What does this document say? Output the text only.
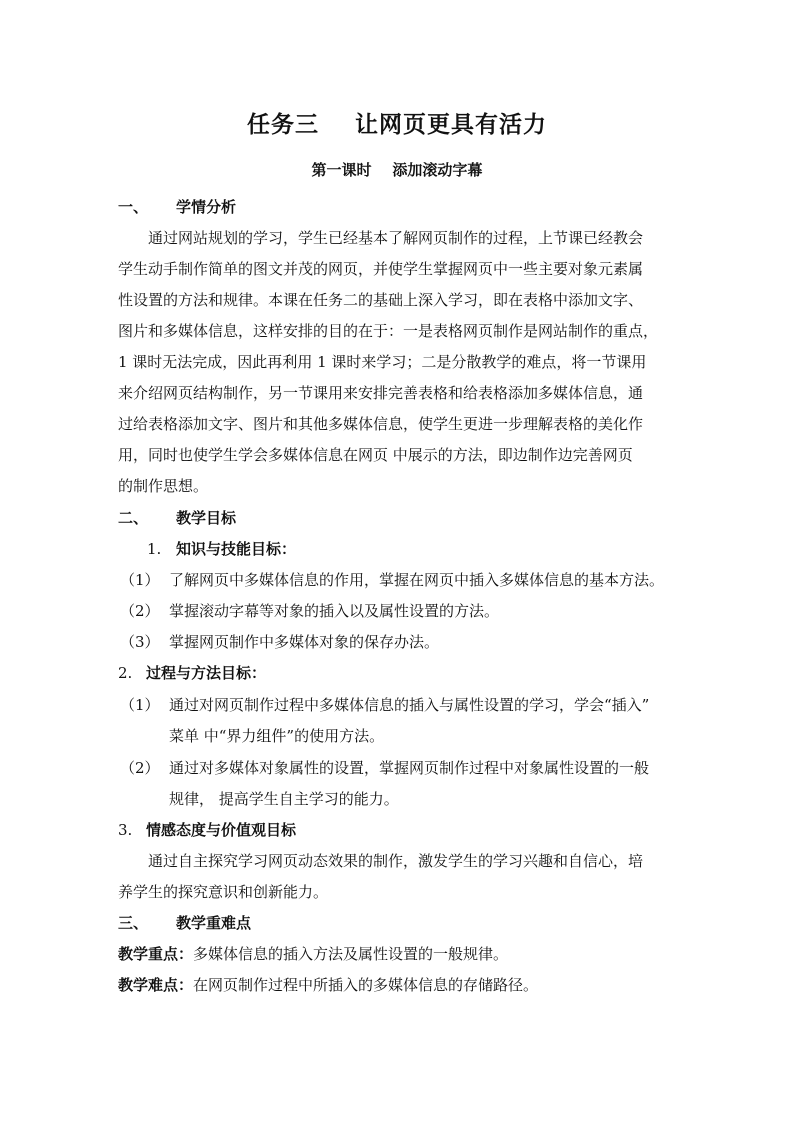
任务三    让网页更具有活力
第一课时    添加滚动字幕
一、 学情分析
通过网站规划的学习，学生已经基本了解网页制作的过程，上节课已经教会
学生动手制作简单的图文并茂的网页，并使学生掌握网页中一些主要对象元素属
性设置的方法和规律。本课在任务二的基础上深入学习，即在表格中添加文字、
图片和多媒体信息，这样安排的目的在于：一是表格网页制作是网站制作的重点，
1 课时无法完成，因此再利用 1 课时来学习；二是分散教学的难点，将一节课用
来介绍网页结构制作，另一节课用来安排完善表格和给表格添加多媒体信息，通
过给表格添加文字、图片和其他多媒体信息，使学生更进一步理解表格的美化作
用，同时也使学生学会多媒体信息在网页 中展示的方法，即边制作边完善网页
的制作思想。
二、 教学目标
1. 知识与技能目标：
（1） 了解网页中多媒体信息的作用，掌握在网页中插入多媒体信息的基本方法。
（2） 掌握滚动字幕等对象的插入以及属性设置的方法。
（3） 掌握网页制作中多媒体对象的保存办法。
2. 过程与方法目标：
（1） 通过对网页制作过程中多媒体信息的插入与属性设置的学习，学会“插入”
菜单 中“界力组件”的使用方法。
（2） 通过对多媒体对象属性的设置，掌握网页制作过程中对象属性设置的一般
规律， 提高学生自主学习的能力。
3. 情感态度与价值观目标
通过自主探究学习网页动态效果的制作，激发学生的学习兴趣和自信心，培
养学生的探究意识和创新能力。
三、 教学重难点
教学重点：多媒体信息的插入方法及属性设置的一般规律。
教学难点：在网页制作过程中所插入的多媒体信息的存储路径。
